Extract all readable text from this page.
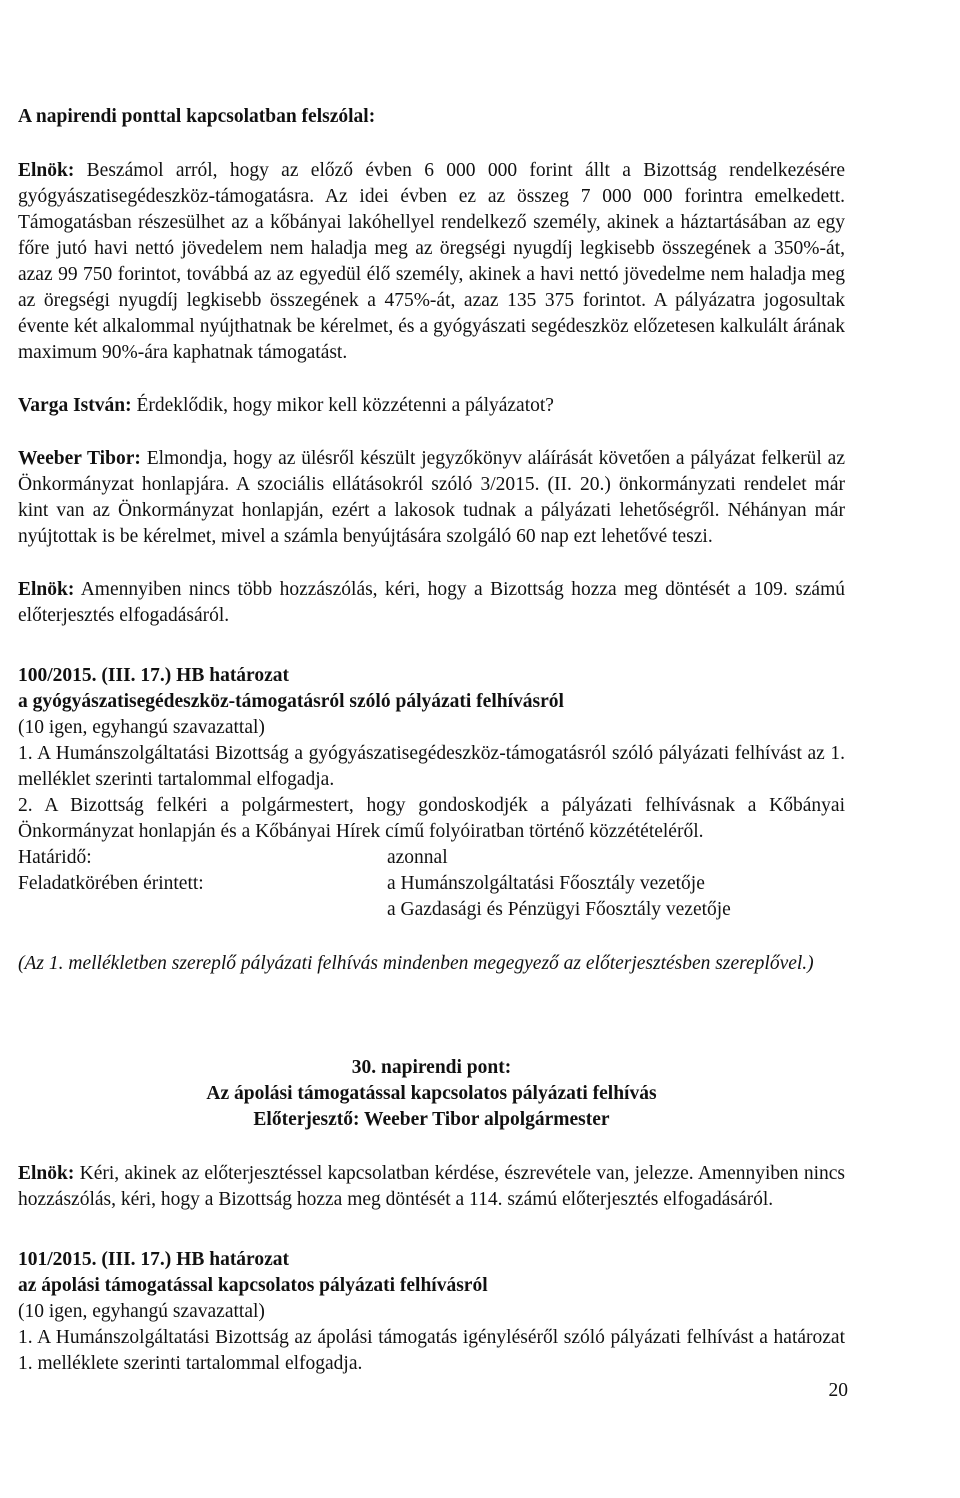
A napirendi ponttal kapcsolatban felszólal:

Elnök: Beszámol arról, hogy az előző évben 6 000 000 forint állt a Bizottság rendelkezésére gyógyászatisegédeszköz-támogatásra. Az idei évben ez az összeg 7 000 000 forintra emelkedett. Támogatásban részesülhet az a kőbányai lakóhellyel rendelkező személy, akinek a háztartásában az egy főre jutó havi nettó jövedelem nem haladja meg az öregségi nyugdíj legkisebb összegének a 350%-át, azaz 99 750 forintot, továbbá az az egyedül élő személy, akinek a havi nettó jövedelme nem haladja meg az öregségi nyugdíj legkisebb összegének a 475%-át, azaz 135 375 forintot. A pályázatra jogosultak évente két alkalommal nyújthatnak be kérelmet, és a gyógyászati segédeszköz előzetesen kalkulált árának maximum 90%-ára kaphatnak támogatást.

Varga István: Érdeklődik, hogy mikor kell közzétenni a pályázatot?

Weeber Tibor: Elmondja, hogy az ülésről készült jegyzőkönyv aláírását követően a pályázat felkerül az Önkormányzat honlapjára. A szociális ellátásokról szóló 3/2015. (II. 20.) önkormányzati rendelet már kint van az Önkormányzat honlapján, ezért a lakosok tudnak a pályázati lehetőségről. Néhányan már nyújtottak is be kérelmet, mivel a számla benyújtására szolgáló 60 nap ezt lehetővé teszi.

Elnök: Amennyiben nincs több hozzászólás, kéri, hogy a Bizottság hozza meg döntését a 109. számú előterjesztés elfogadásáról.

100/2015. (III. 17.) HB határozat

a gyógyászatisegédeszköz-támogatásról szóló pályázati felhívásról

(10 igen, egyhangú szavazattal)

1. A Humánszolgáltatási Bizottság a gyógyászatisegédeszköz-támogatásról szóló pályázati felhívást az 1. melléklet szerinti tartalommal elfogadja.

2. A Bizottság felkéri a polgármestert, hogy gondoskodjék a pályázati felhívásnak a Kőbányai Önkormányzat honlapján és a Kőbányai Hírek című folyóiratban történő közzétételéről.

Határidő:	azonnal
Feladatkörében érintett:	a Humánszolgáltatási Főosztály vezetője
a Gazdasági és Pénzügyi Főosztály vezetője

(Az 1. mellékletben szereplő pályázati felhívás mindenben megegyező az előterjesztésben szereplővel.)

30. napirendi pont:

Az ápolási támogatással kapcsolatos pályázati felhívás

Előterjesztő: Weeber Tibor alpolgármester

Elnök: Kéri, akinek az előterjesztéssel kapcsolatban kérdése, észrevétele van, jelezze. Amennyiben nincs hozzászólás, kéri, hogy a Bizottság hozza meg döntését a 114. számú előterjesztés elfogadásáról.

101/2015. (III. 17.) HB határozat

az ápolási támogatással kapcsolatos pályázati felhívásról

(10 igen, egyhangú szavazattal)

1. A Humánszolgáltatási Bizottság az ápolási támogatás igényléséről szóló pályázati felhívást a határozat 1. melléklete szerinti tartalommal elfogadja.

20
